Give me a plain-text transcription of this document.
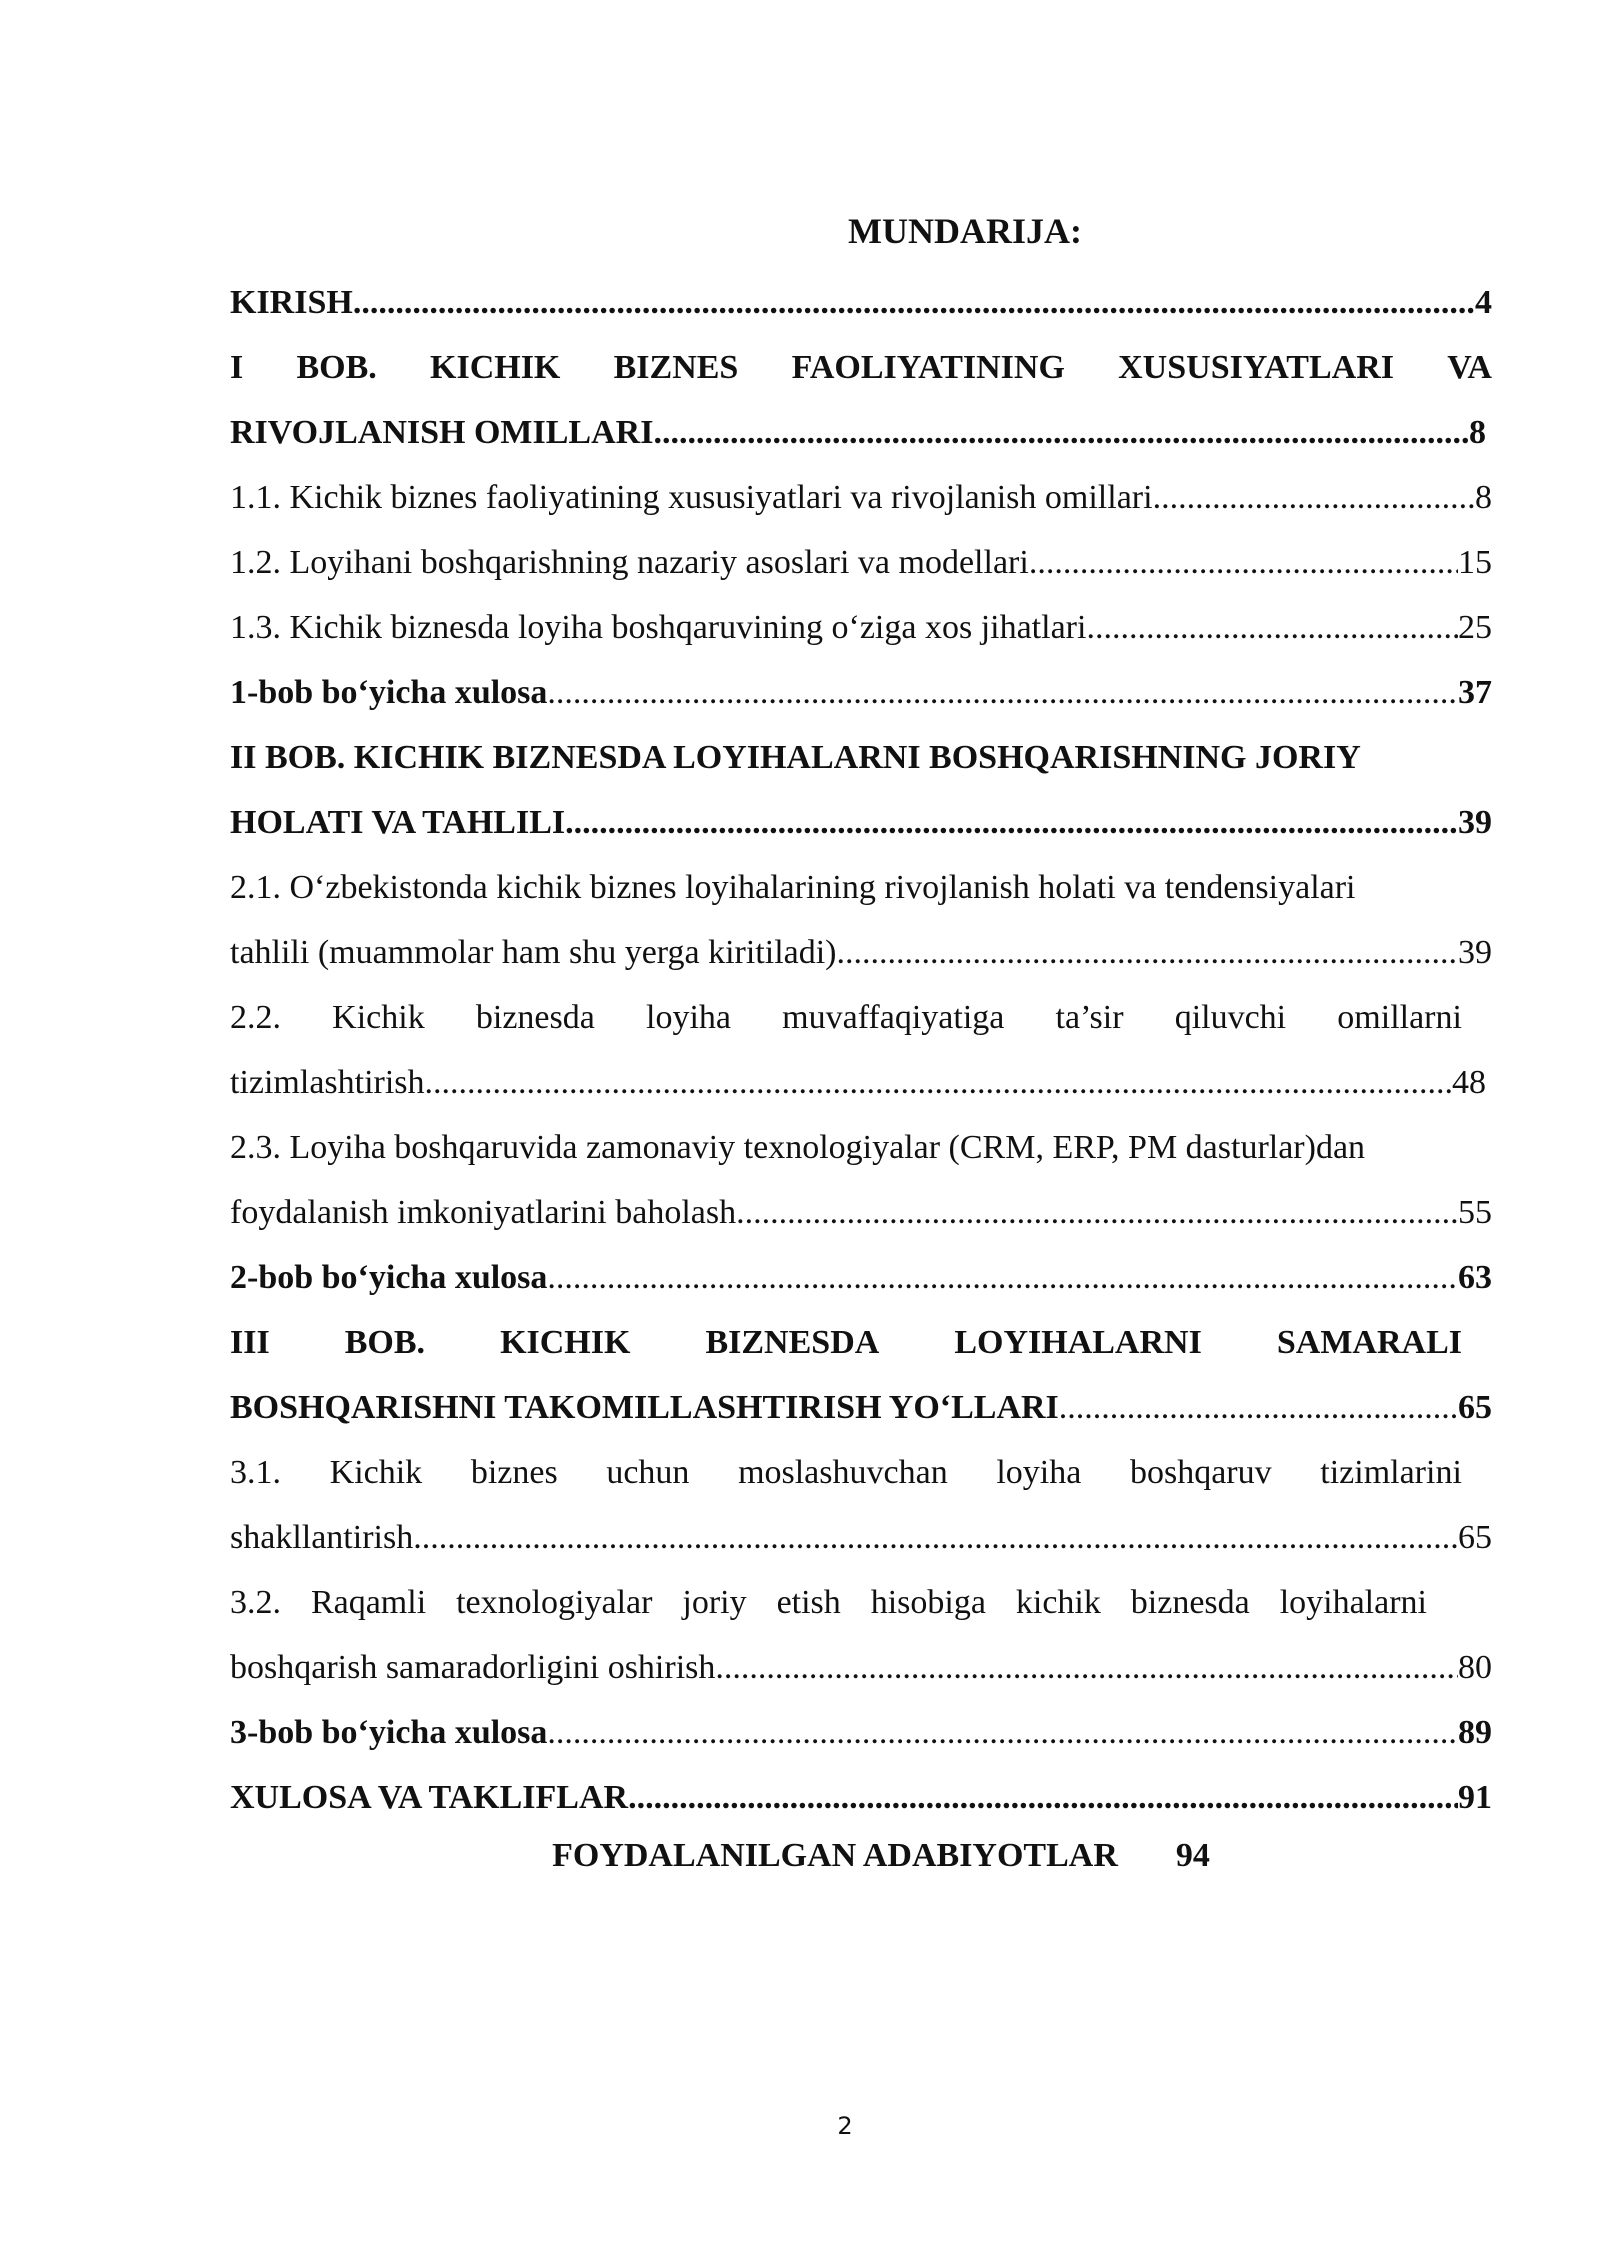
MUNDARIJA:
KIRISH .....	4
I BOB. KICHIK BIZNES FAOLIYATINING XUSUSIYATLARI VA
RIVOJLANISH OMILLARI .....	8
1.1. Kichik biznes faoliyatining xususiyatlari va rivojlanish omillari .....	8
1.2. Loyihani boshqarishning nazariy asoslari va modellari .....	15
1.3. Kichik biznesda loyiha boshqaruvining o‘ziga xos jihatlari .....	25
1-bob bo‘yicha xulosa .....	37
II BOB. KICHIK BIZNESDA LOYIHALARNI BOSHQARISHNING JORIY
HOLATI VA TAHLILI .....	39
2.1. O‘zbekistonda kichik biznes loyihalarining rivojlanish holati va tendensiyalari
tahlili (muammolar ham shu yerga kiritiladi) .....	39
2.2. Kichik biznesda loyiha muvaffaqiyatiga ta’sir qiluvchi omillarni
tizimlashtirish .....	48
2.3. Loyiha boshqaruvida zamonaviy texnologiyalar (CRM, ERP, PM dasturlar)dan
foydalanish imkoniyatlarini baholash .....	55
2-bob bo‘yicha xulosa .....	63
III BOB. KICHIK BIZNESDA LOYIHALARNI SAMARALI
BOSHQARISHNI TAKOMILLASHTIRISH YO‘LLARI .....	65
3.1. Kichik biznes uchun moslashuvchan loyiha boshqaruv tizimlarini
shakllantirish .....	65
3.2. Raqamli texnologiyalar joriy etish hisobiga kichik biznesda loyihalarni
boshqarish samaradorligini oshirish .....	80
3-bob bo‘yicha xulosa .....	89
XULOSA VA TAKLIFLAR .....	91
FOYDALANILGAN ADABIYOTLAR 94
2
